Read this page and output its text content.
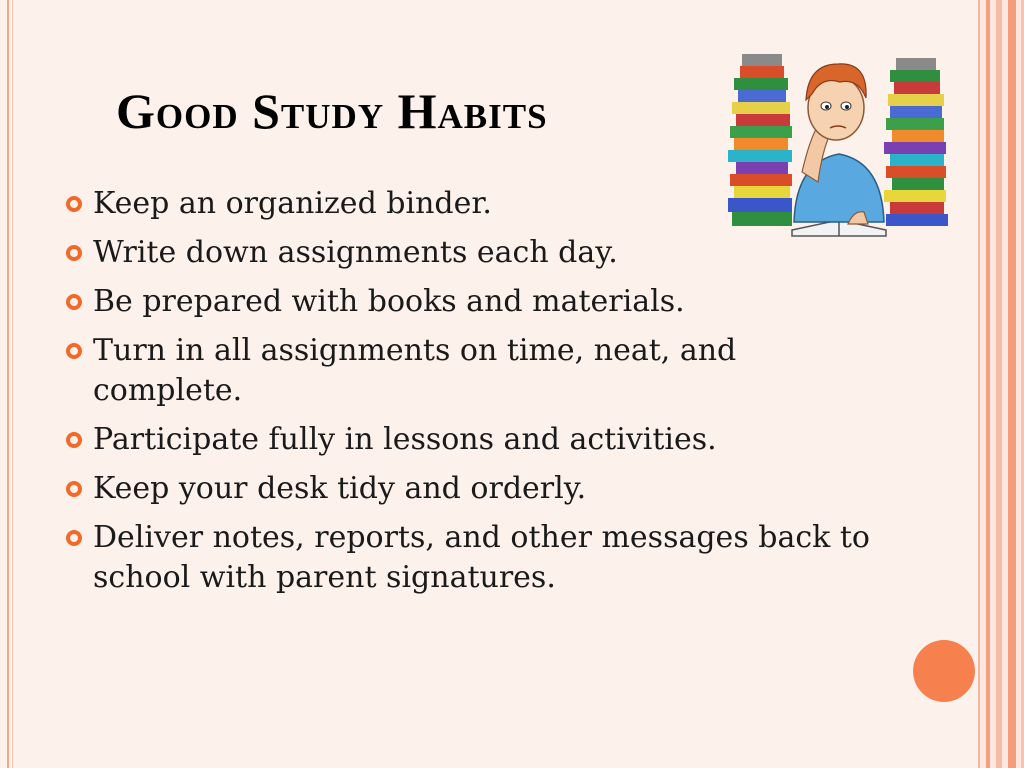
Good Study Habits
Keep an organized binder.
Write down assignments each day.
Be prepared with books and materials.
Turn in all assignments on time, neat, and complete.
Participate fully in lessons and activities.
Keep your desk tidy and orderly.
Deliver notes, reports, and other messages back to school with parent signatures.
